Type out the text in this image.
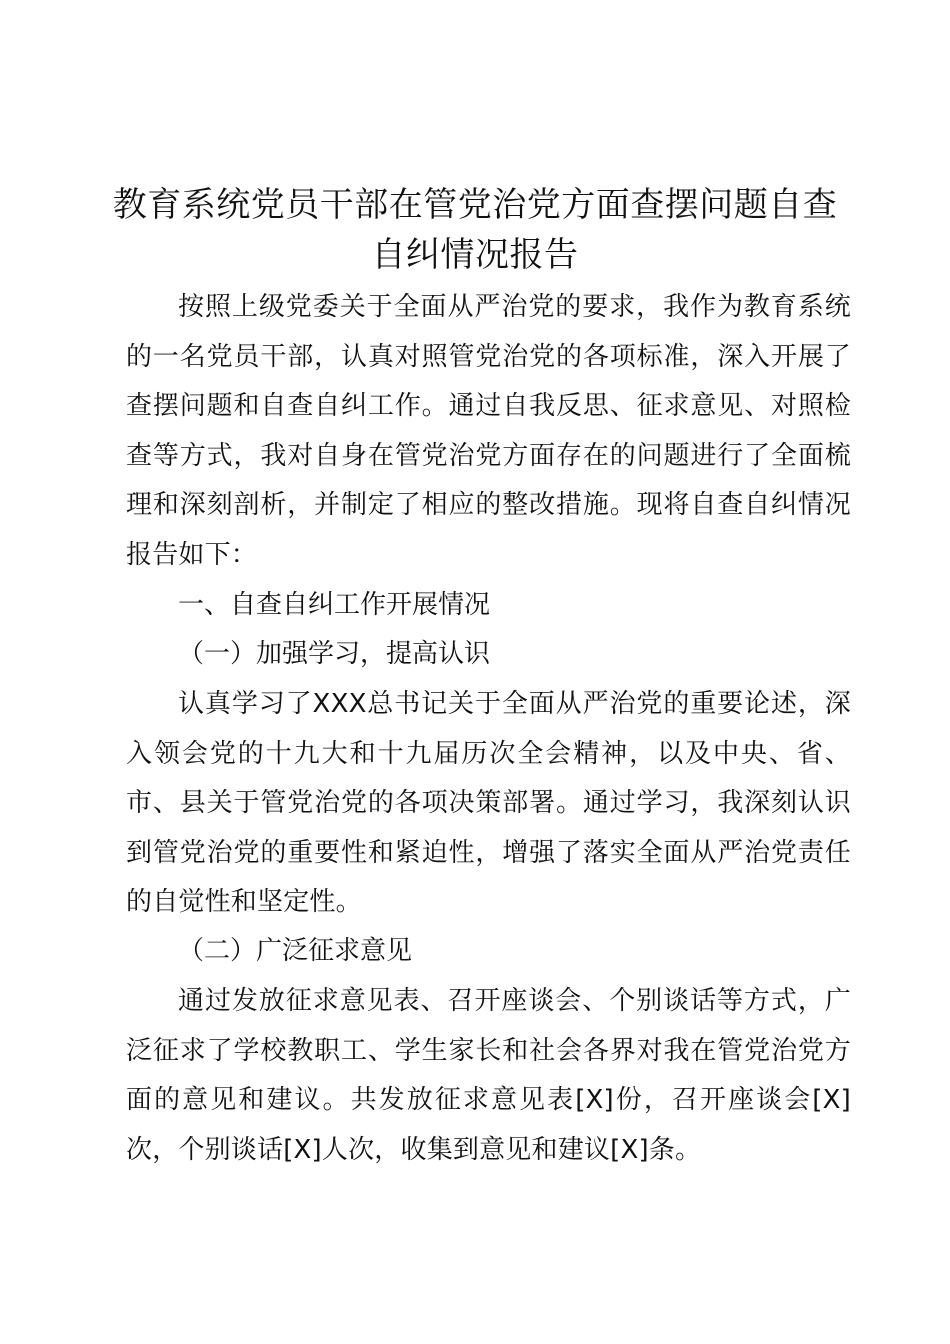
教育系统党员干部在管党治党方面查摆问题自查自纠情况报告

按照上级党委关于全面从严治党的要求，我作为教育系统的一名党员干部，认真对照管党治党的各项标准，深入开展了查摆问题和自查自纠工作。通过自我反思、征求意见、对照检查等方式，我对自身在管党治党方面存在的问题进行了全面梳理和深刻剖析，并制定了相应的整改措施。现将自查自纠情况报告如下：

一、自查自纠工作开展情况

（一）加强学习，提高认识

认真学习了XXX总书记关于全面从严治党的重要论述，深入领会党的十九大和十九届历次全会精神，以及中央、省、市、县关于管党治党的各项决策部署。通过学习，我深刻认识到管党治党的重要性和紧迫性，增强了落实全面从严治党责任的自觉性和坚定性。

（二）广泛征求意见

通过发放征求意见表、召开座谈会、个别谈话等方式，广泛征求了学校教职工、学生家长和社会各界对我在管党治党方面的意见和建议。共发放征求意见表[X]份，召开座谈会[X]次，个别谈话[X]人次，收集到意见和建议[X]条。
